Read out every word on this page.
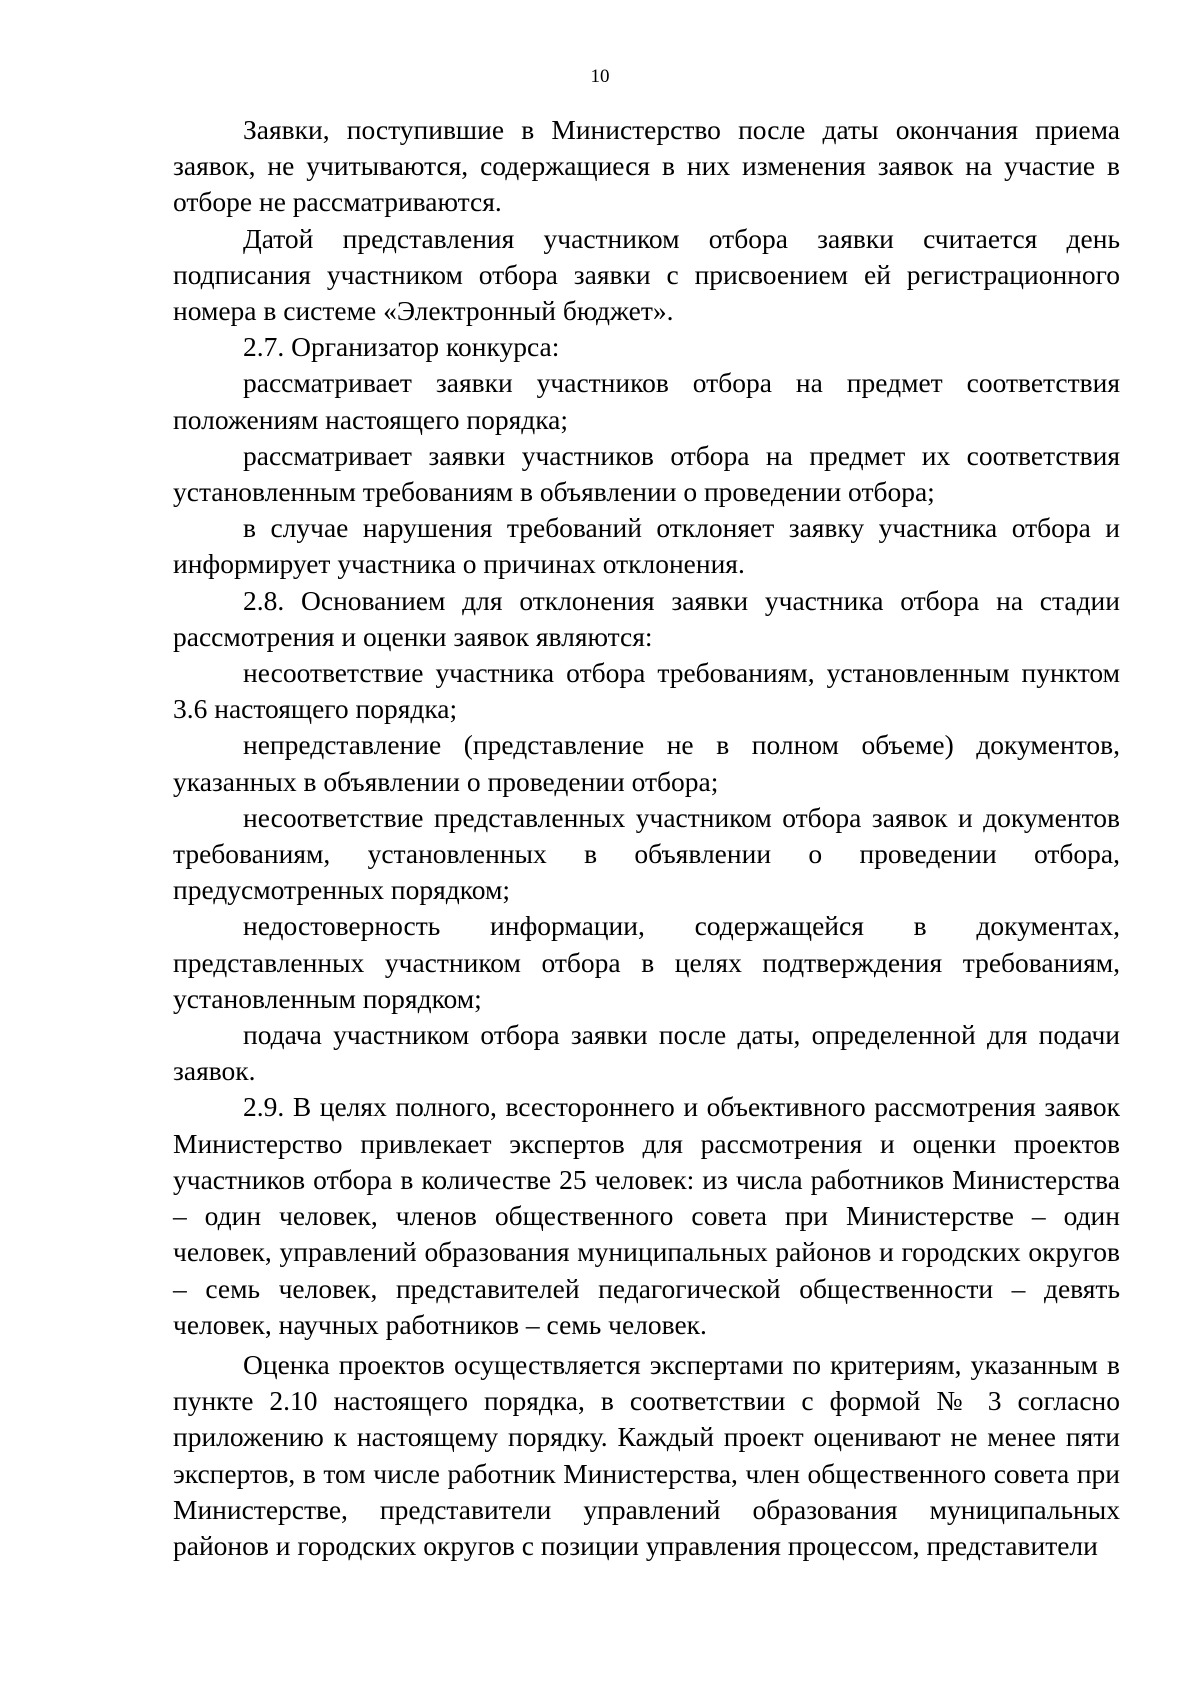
10

Заявки, поступившие в Министерство после даты окончания приема заявок, не учитываются, содержащиеся в них изменения заявок на участие в отборе не рассматриваются.

Датой представления участником отбора заявки считается день подписания участником отбора заявки с присвоением ей регистрационного номера в системе «Электронный бюджет».

2.7. Организатор конкурса:

рассматривает заявки участников отбора на предмет соответствия положениям настоящего порядка;

рассматривает заявки участников отбора на предмет их соответствия установленным требованиям в объявлении о проведении отбора;

в случае нарушения требований отклоняет заявку участника отбора и информирует участника о причинах отклонения.

2.8. Основанием для отклонения заявки участника отбора на стадии рассмотрения и оценки заявок являются:

несоответствие участника отбора требованиям, установленным пунктом 3.6 настоящего порядка;

непредставление (представление не в полном объеме) документов, указанных в объявлении о проведении отбора;

несоответствие представленных участником отбора заявок и документов требованиям, установленных в объявлении о проведении отбора, предусмотренных порядком;

недостоверность информации, содержащейся в документах, представленных участником отбора в целях подтверждения требованиям, установленным порядком;

подача участником отбора заявки после даты, определенной для подачи заявок.

2.9. В целях полного, всестороннего и объективного рассмотрения заявок Министерство привлекает экспертов для рассмотрения и оценки проектов участников отбора в количестве 25 человек: из числа работников Министерства – один человек, членов общественного совета при Министерстве – один человек, управлений образования муниципальных районов и городских округов – семь человек, представителей педагогической общественности – девять человек, научных работников – семь человек.

Оценка проектов осуществляется экспертами по критериям, указанным в пункте 2.10 настоящего порядка, в соответствии с формой № 3 согласно приложению к настоящему порядку. Каждый проект оценивают не менее пяти экспертов, в том числе работник Министерства, член общественного совета при Министерстве, представители управлений образования муниципальных районов и городских округов с позиции управления процессом, представители
